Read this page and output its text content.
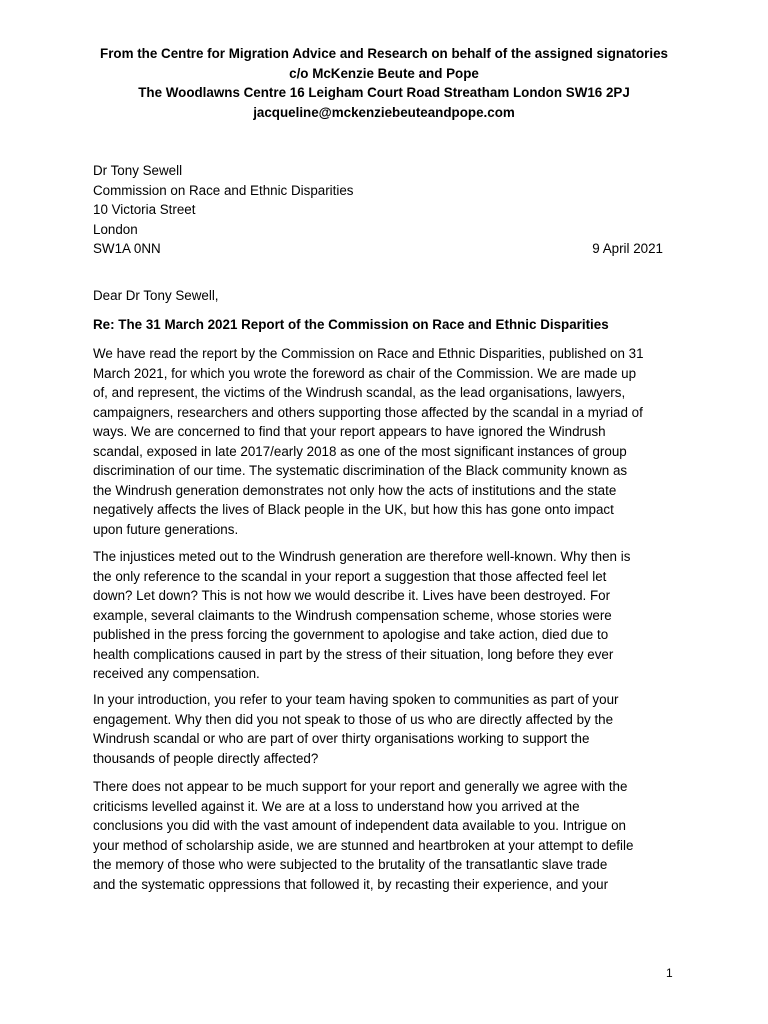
From the Centre for Migration Advice and Research on behalf of the assigned signatories
c/o McKenzie Beute and Pope
The Woodlawns Centre 16 Leigham Court Road Streatham London SW16 2PJ
jacqueline@mckenziebeuteandpope.com
Dr Tony Sewell
Commission on Race and Ethnic Disparities
10 Victoria Street
London
SW1A 0NN	9 April 2021
Dear Dr Tony Sewell,
Re: The 31 March 2021 Report of the Commission on Race and Ethnic Disparities
We have read the report by the Commission on Race and Ethnic Disparities, published on 31
March 2021, for which you wrote the foreword as chair of the Commission. We are made up
of, and represent, the victims of the Windrush scandal, as the lead organisations, lawyers,
campaigners, researchers and others supporting those affected by the scandal in a myriad of
ways. We are concerned to find that your report appears to have ignored the Windrush
scandal, exposed in late 2017/early 2018 as one of the most significant instances of group
discrimination of our time. The systematic discrimination of the Black community known as
the Windrush generation demonstrates not only how the acts of institutions and the state
negatively affects the lives of Black people in the UK, but how this has gone onto impact
upon future generations.
The injustices meted out to the Windrush generation are therefore well-known. Why then is
the only reference to the scandal in your report a suggestion that those affected feel let
down? Let down? This is not how we would describe it. Lives have been destroyed. For
example, several claimants to the Windrush compensation scheme, whose stories were
published in the press forcing the government to apologise and take action, died due to
health complications caused in part by the stress of their situation, long before they ever
received any compensation.
In your introduction, you refer to your team having spoken to communities as part of your
engagement. Why then did you not speak to those of us who are directly affected by the
Windrush scandal or who are part of over thirty organisations working to support the
thousands of people directly affected?
There does not appear to be much support for your report and generally we agree with the
criticisms levelled against it. We are at a loss to understand how you arrived at the
conclusions you did with the vast amount of independent data available to you. Intrigue on
your method of scholarship aside, we are stunned and heartbroken at your attempt to defile
the memory of those who were subjected to the brutality of the transatlantic slave trade
and the systematic oppressions that followed it, by recasting their experience, and your
1
